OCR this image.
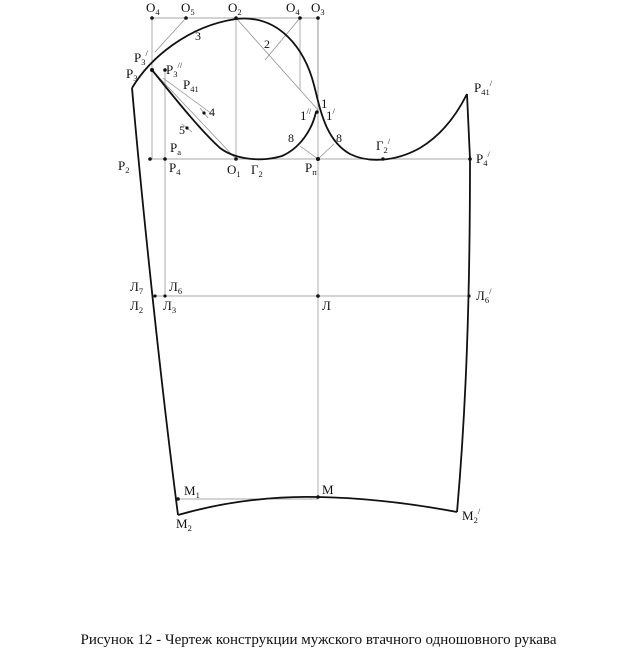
$О_4$ $О_5$	$О_2$	$О_4$ $О_3$
3
2
4
5
8	8
$Р_3^/$
$Р_3$
$Р_3^{//}$
$Р_{41}$	$Р_{41}^/$
1// 1
1/
$Р_а$
$Р_2$	$Р_4$	$О_1$ $Г_2$	$Р_п$
$Г_2^/$
$Р_4^/$
$Л_7$ $Л_6$
$Л_2$ $Л_3$	Л
$Л_6^/$
$М_1$	М
$М_2$
$М_2^/$
Рисунок 12 - Чертеж конструкции мужского втачного одношовного рукава
